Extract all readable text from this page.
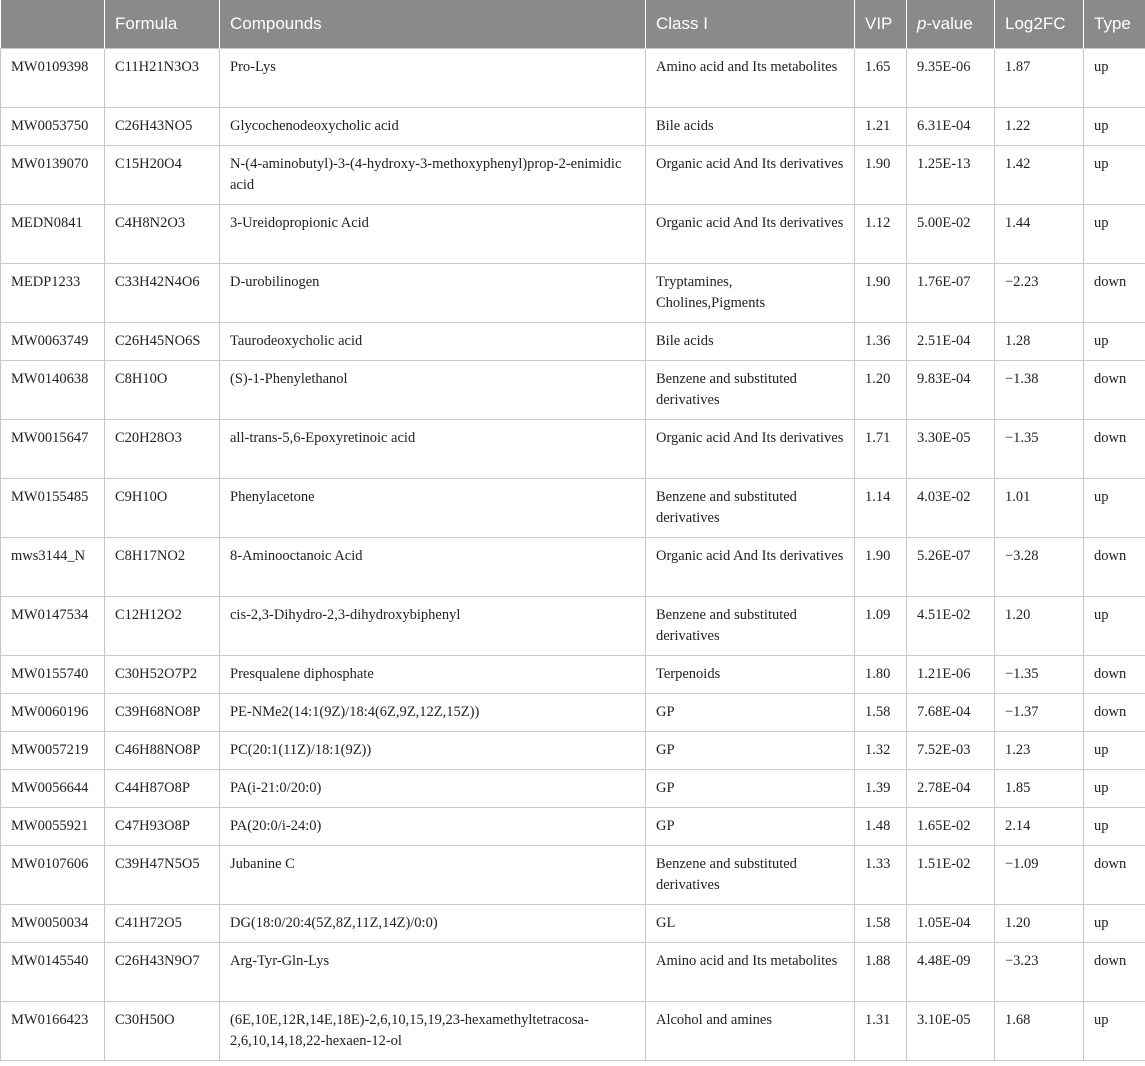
	Formula	Compounds	Class I	VIP	p-value	Log2FC	Type
MW0109398	C11H21N3O3	Pro-Lys	Amino acid and Its metabolites	1.65	9.35E-06	1.87	up
MW0053750	C26H43NO5	Glycochenodeoxycholic acid	Bile acids	1.21	6.31E-04	1.22	up
MW0139070	C15H20O4	N-(4-aminobutyl)-3-(4-hydroxy-3-methoxyphenyl)prop-2-enimidic acid	Organic acid And Its derivatives	1.90	1.25E-13	1.42	up
MEDN0841	C4H8N2O3	3-Ureidopropionic Acid	Organic acid And Its derivatives	1.12	5.00E-02	1.44	up
MEDP1233	C33H42N4O6	D-urobilinogen	Tryptamines, Cholines,Pigments	1.90	1.76E-07	−2.23	down
MW0063749	C26H45NO6S	Taurodeoxycholic acid	Bile acids	1.36	2.51E-04	1.28	up
MW0140638	C8H10O	(S)-1-Phenylethanol	Benzene and substituted derivatives	1.20	9.83E-04	−1.38	down
MW0015647	C20H28O3	all-trans-5,6-Epoxyretinoic acid	Organic acid And Its derivatives	1.71	3.30E-05	−1.35	down
MW0155485	C9H10O	Phenylacetone	Benzene and substituted derivatives	1.14	4.03E-02	1.01	up
mws3144_N	C8H17NO2	8-Aminooctanoic Acid	Organic acid And Its derivatives	1.90	5.26E-07	−3.28	down
MW0147534	C12H12O2	cis-2,3-Dihydro-2,3-dihydroxybiphenyl	Benzene and substituted derivatives	1.09	4.51E-02	1.20	up
MW0155740	C30H52O7P2	Presqualene diphosphate	Terpenoids	1.80	1.21E-06	−1.35	down
MW0060196	C39H68NO8P	PE-NMe2(14:1(9Z)/18:4(6Z,9Z,12Z,15Z))	GP	1.58	7.68E-04	−1.37	down
MW0057219	C46H88NO8P	PC(20:1(11Z)/18:1(9Z))	GP	1.32	7.52E-03	1.23	up
MW0056644	C44H87O8P	PA(i-21:0/20:0)	GP	1.39	2.78E-04	1.85	up
MW0055921	C47H93O8P	PA(20:0/i-24:0)	GP	1.48	1.65E-02	2.14	up
MW0107606	C39H47N5O5	Jubanine C	Benzene and substituted derivatives	1.33	1.51E-02	−1.09	down
MW0050034	C41H72O5	DG(18:0/20:4(5Z,8Z,11Z,14Z)/0:0)	GL	1.58	1.05E-04	1.20	up
MW0145540	C26H43N9O7	Arg-Tyr-Gln-Lys	Amino acid and Its metabolites	1.88	4.48E-09	−3.23	down
MW0166423	C30H50O	(6E,10E,12R,14E,18E)-2,6,10,15,19,23-hexamethyltetracosa-2,6,10,14,18,22-hexaen-12-ol	Alcohol and amines	1.31	3.10E-05	1.68	up
